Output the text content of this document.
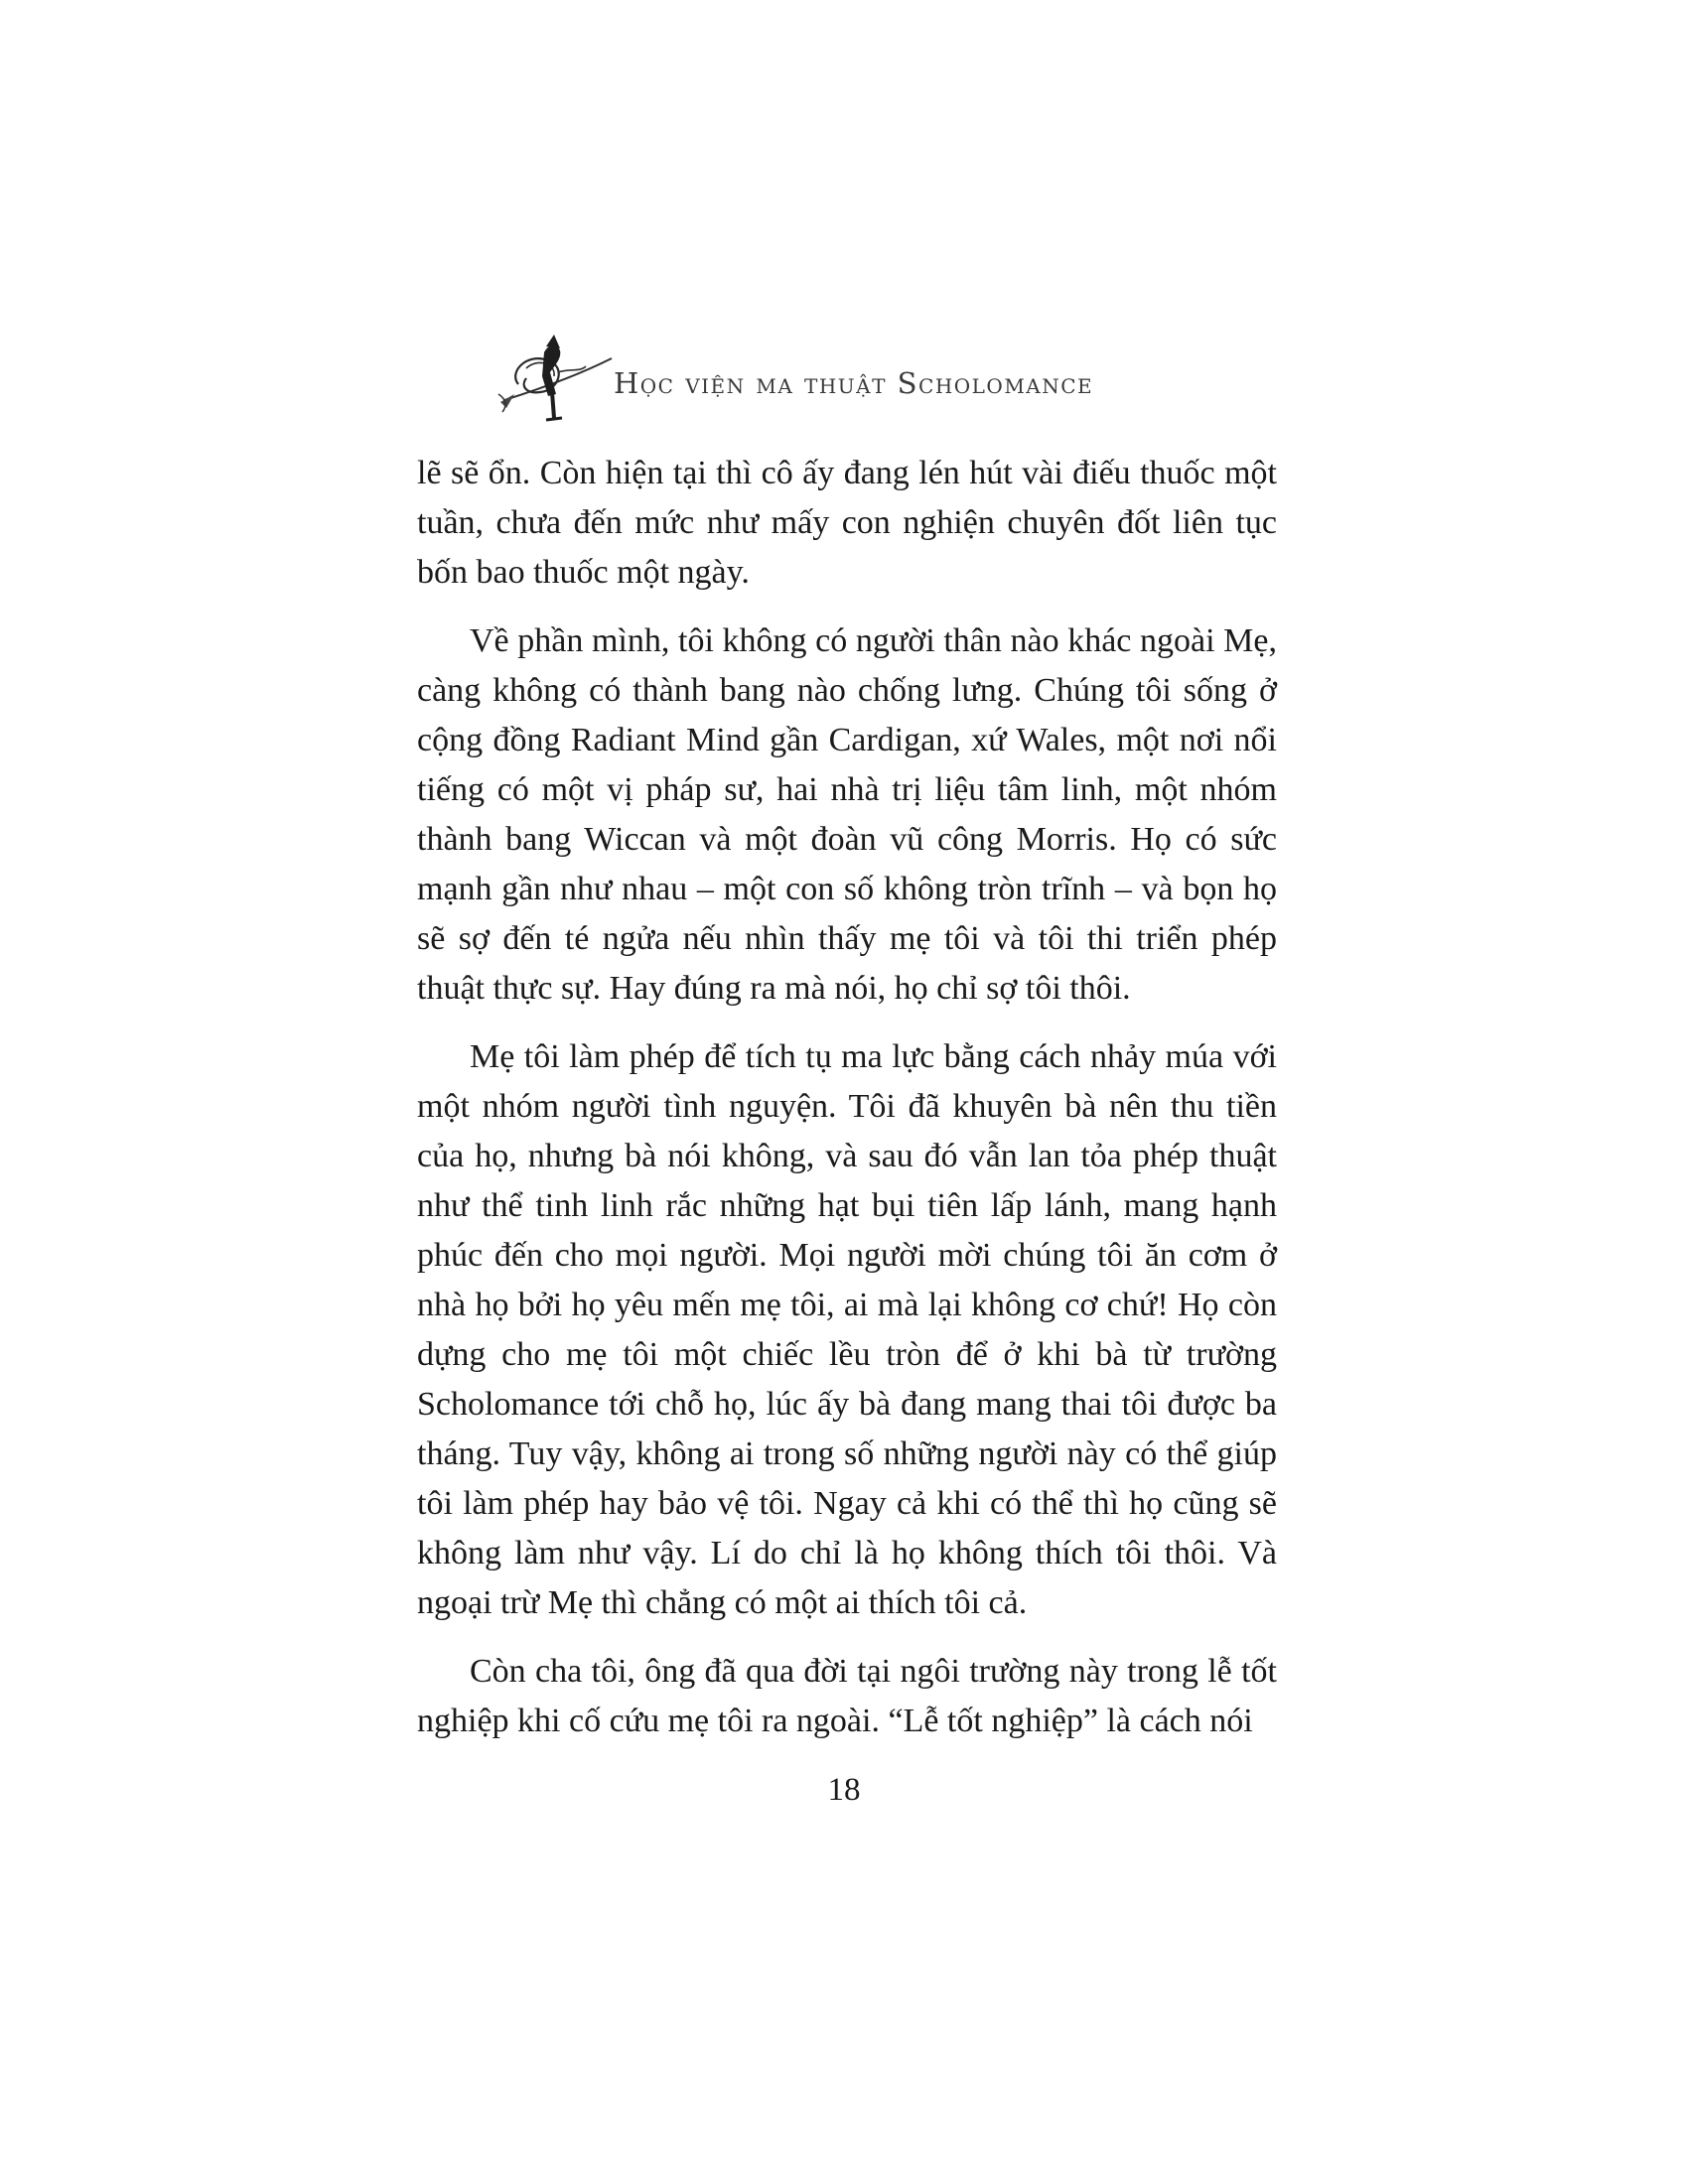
Học viện ma thuật Scholomance

lẽ sẽ ổn. Còn hiện tại thì cô ấy đang lén hút vài điếu thuốc một tuần, chưa đến mức như mấy con nghiện chuyên đốt liên tục bốn bao thuốc một ngày.

Về phần mình, tôi không có người thân nào khác ngoài Mẹ, càng không có thành bang nào chống lưng. Chúng tôi sống ở cộng đồng Radiant Mind gần Cardigan, xứ Wales, một nơi nổi tiếng có một vị pháp sư, hai nhà trị liệu tâm linh, một nhóm thành bang Wiccan và một đoàn vũ công Morris. Họ có sức mạnh gần như nhau – một con số không tròn trĩnh – và bọn họ sẽ sợ đến té ngửa nếu nhìn thấy mẹ tôi và tôi thi triển phép thuật thực sự. Hay đúng ra mà nói, họ chỉ sợ tôi thôi.

Mẹ tôi làm phép để tích tụ ma lực bằng cách nhảy múa với một nhóm người tình nguyện. Tôi đã khuyên bà nên thu tiền của họ, nhưng bà nói không, và sau đó vẫn lan tỏa phép thuật như thể tinh linh rắc những hạt bụi tiên lấp lánh, mang hạnh phúc đến cho mọi người. Mọi người mời chúng tôi ăn cơm ở nhà họ bởi họ yêu mến mẹ tôi, ai mà lại không cơ chứ! Họ còn dựng cho mẹ tôi một chiếc lều tròn để ở khi bà từ trường Scholomance tới chỗ họ, lúc ấy bà đang mang thai tôi được ba tháng. Tuy vậy, không ai trong số những người này có thể giúp tôi làm phép hay bảo vệ tôi. Ngay cả khi có thể thì họ cũng sẽ không làm như vậy. Lí do chỉ là họ không thích tôi thôi. Và ngoại trừ Mẹ thì chẳng có một ai thích tôi cả.

Còn cha tôi, ông đã qua đời tại ngôi trường này trong lễ tốt nghiệp khi cố cứu mẹ tôi ra ngoài. “Lễ tốt nghiệp” là cách nói

18
